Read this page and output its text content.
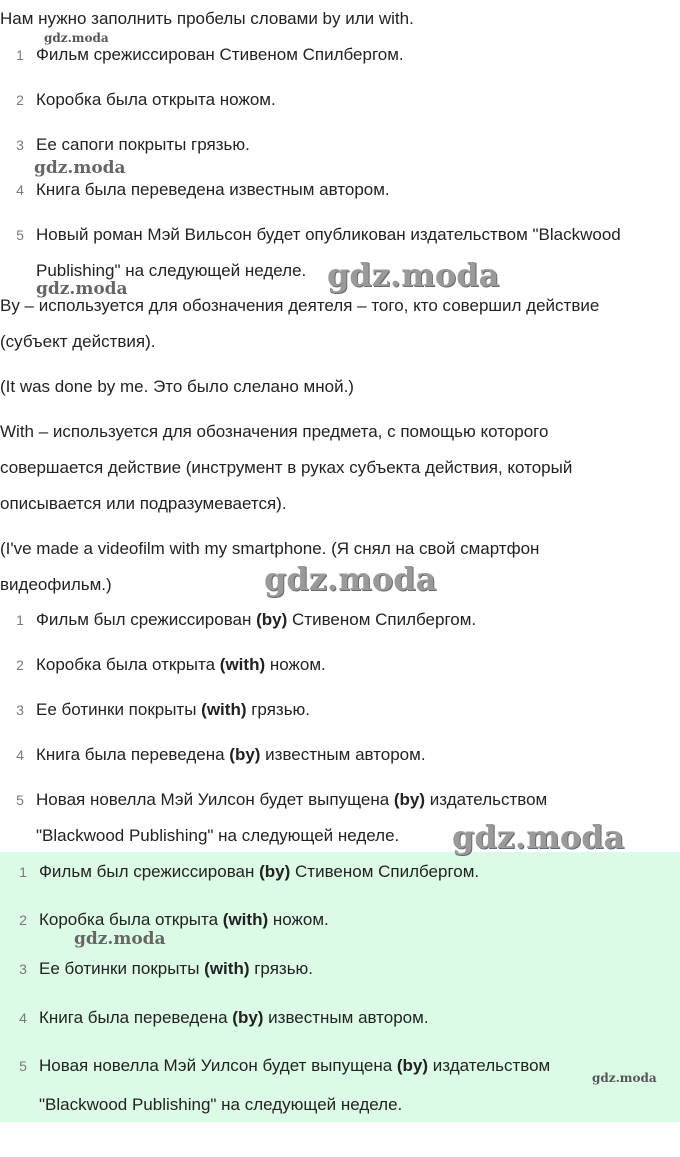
Нам нужно заполнить пробелы словами by или with.
1 Фильм срежиссирован Стивеном Спилбергом.
2 Коробка была открыта ножом.
3 Ее сапоги покрыты грязью.
4 Книга была переведена известным автором.
5 Новый роман Мэй Вильсон будет опубликован издательством "Blackwood
Publishing" на следующей неделе.
By – используется для обозначения деятеля – того, кто совершил действие
(субъект действия).
(It was done by me. Это было слелано мной.)
With – используется для обозначения предмета, с помощью которого
совершается действие (инструмент в руках субъекта действия, который
описывается или подразумевается).
(I've made a videofilm with my smartphone. (Я снял на свой смартфон
видеофильм.)
1 Фильм был срежиссирован (by) Стивеном Спилбергом.
2 Коробка была открыта (with) ножом.
3 Ее ботинки покрыты (with) грязью.
4 Книга была переведена (by) известным автором.
5 Новая новелла Мэй Уилсон будет выпущена (by) издательством
"Blackwood Publishing" на следующей неделе.
1 Фильм был срежиссирован (by) Стивеном Спилбергом.
2 Коробка была открыта (with) ножом.
3 Ее ботинки покрыты (with) грязью.
4 Книга была переведена (by) известным автором.
5 Новая новелла Мэй Уилсон будет выпущена (by) издательством
"Blackwood Publishing" на следующей неделе.
gdz.moda
gdz.moda
gdz.moda	gdz.moda
gdz.moda
gdz.moda
gdz.moda
gdz.moda
